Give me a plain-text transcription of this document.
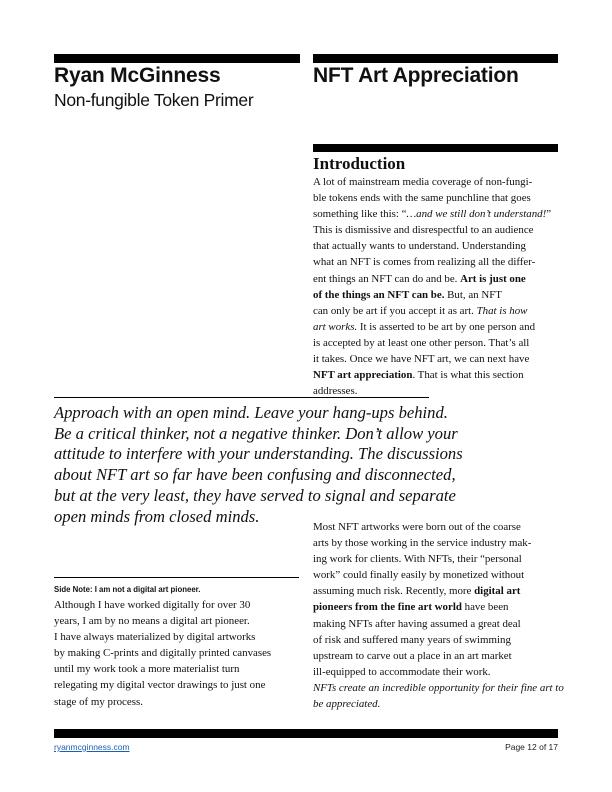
Ryan McGinness
Non-fungible Token Primer
NFT Art Appreciation
Introduction
A lot of mainstream media coverage of non-fungi-
ble tokens ends with the same punchline that goes
something like this: “…and we still don’t understand!”
This is dismissive and disrespectful to an audience
that actually wants to understand. Understanding
what an NFT is comes from realizing all the differ-
ent things an NFT can do and be. Art is just one
of the things an NFT can be. But, an NFT
can only be art if you accept it as art. That is how
art works. It is asserted to be art by one person and
is accepted by at least one other person. That’s all
it takes. Once we have NFT art, we can next have
NFT art appreciation. That is what this section
addresses.
Approach with an open mind. Leave your hang-ups behind.
Be a critical thinker, not a negative thinker. Don’t allow your
attitude to interfere with your understanding. The discussions
about NFT art so far have been confusing and disconnected,
but at the very least, they have served to signal and separate
open minds from closed minds.
Side Note: I am not a digital art pioneer.
Although I have worked digitally for over 30
years, I am by no means a digital art pioneer.
I have always materialized by digital artworks
by making C-prints and digitally printed canvases
until my work took a more materialist turn
relegating my digital vector drawings to just one
stage of my process.
Most NFT artworks were born out of the coarse
arts by those working in the service industry mak-
ing work for clients. With NFTs, their “personal
work” could finally easily by monetized without
assuming much risk. Recently, more digital art
pioneers from the fine art world have been
making NFTs after having assumed a great deal
of risk and suffered many years of swimming
upstream to carve out a place in an art market
ill-equipped to accommodate their work.
NFTs create an incredible opportunity for their fine art to
be appreciated.
ryanmcginness.com	Page 12 of 17
